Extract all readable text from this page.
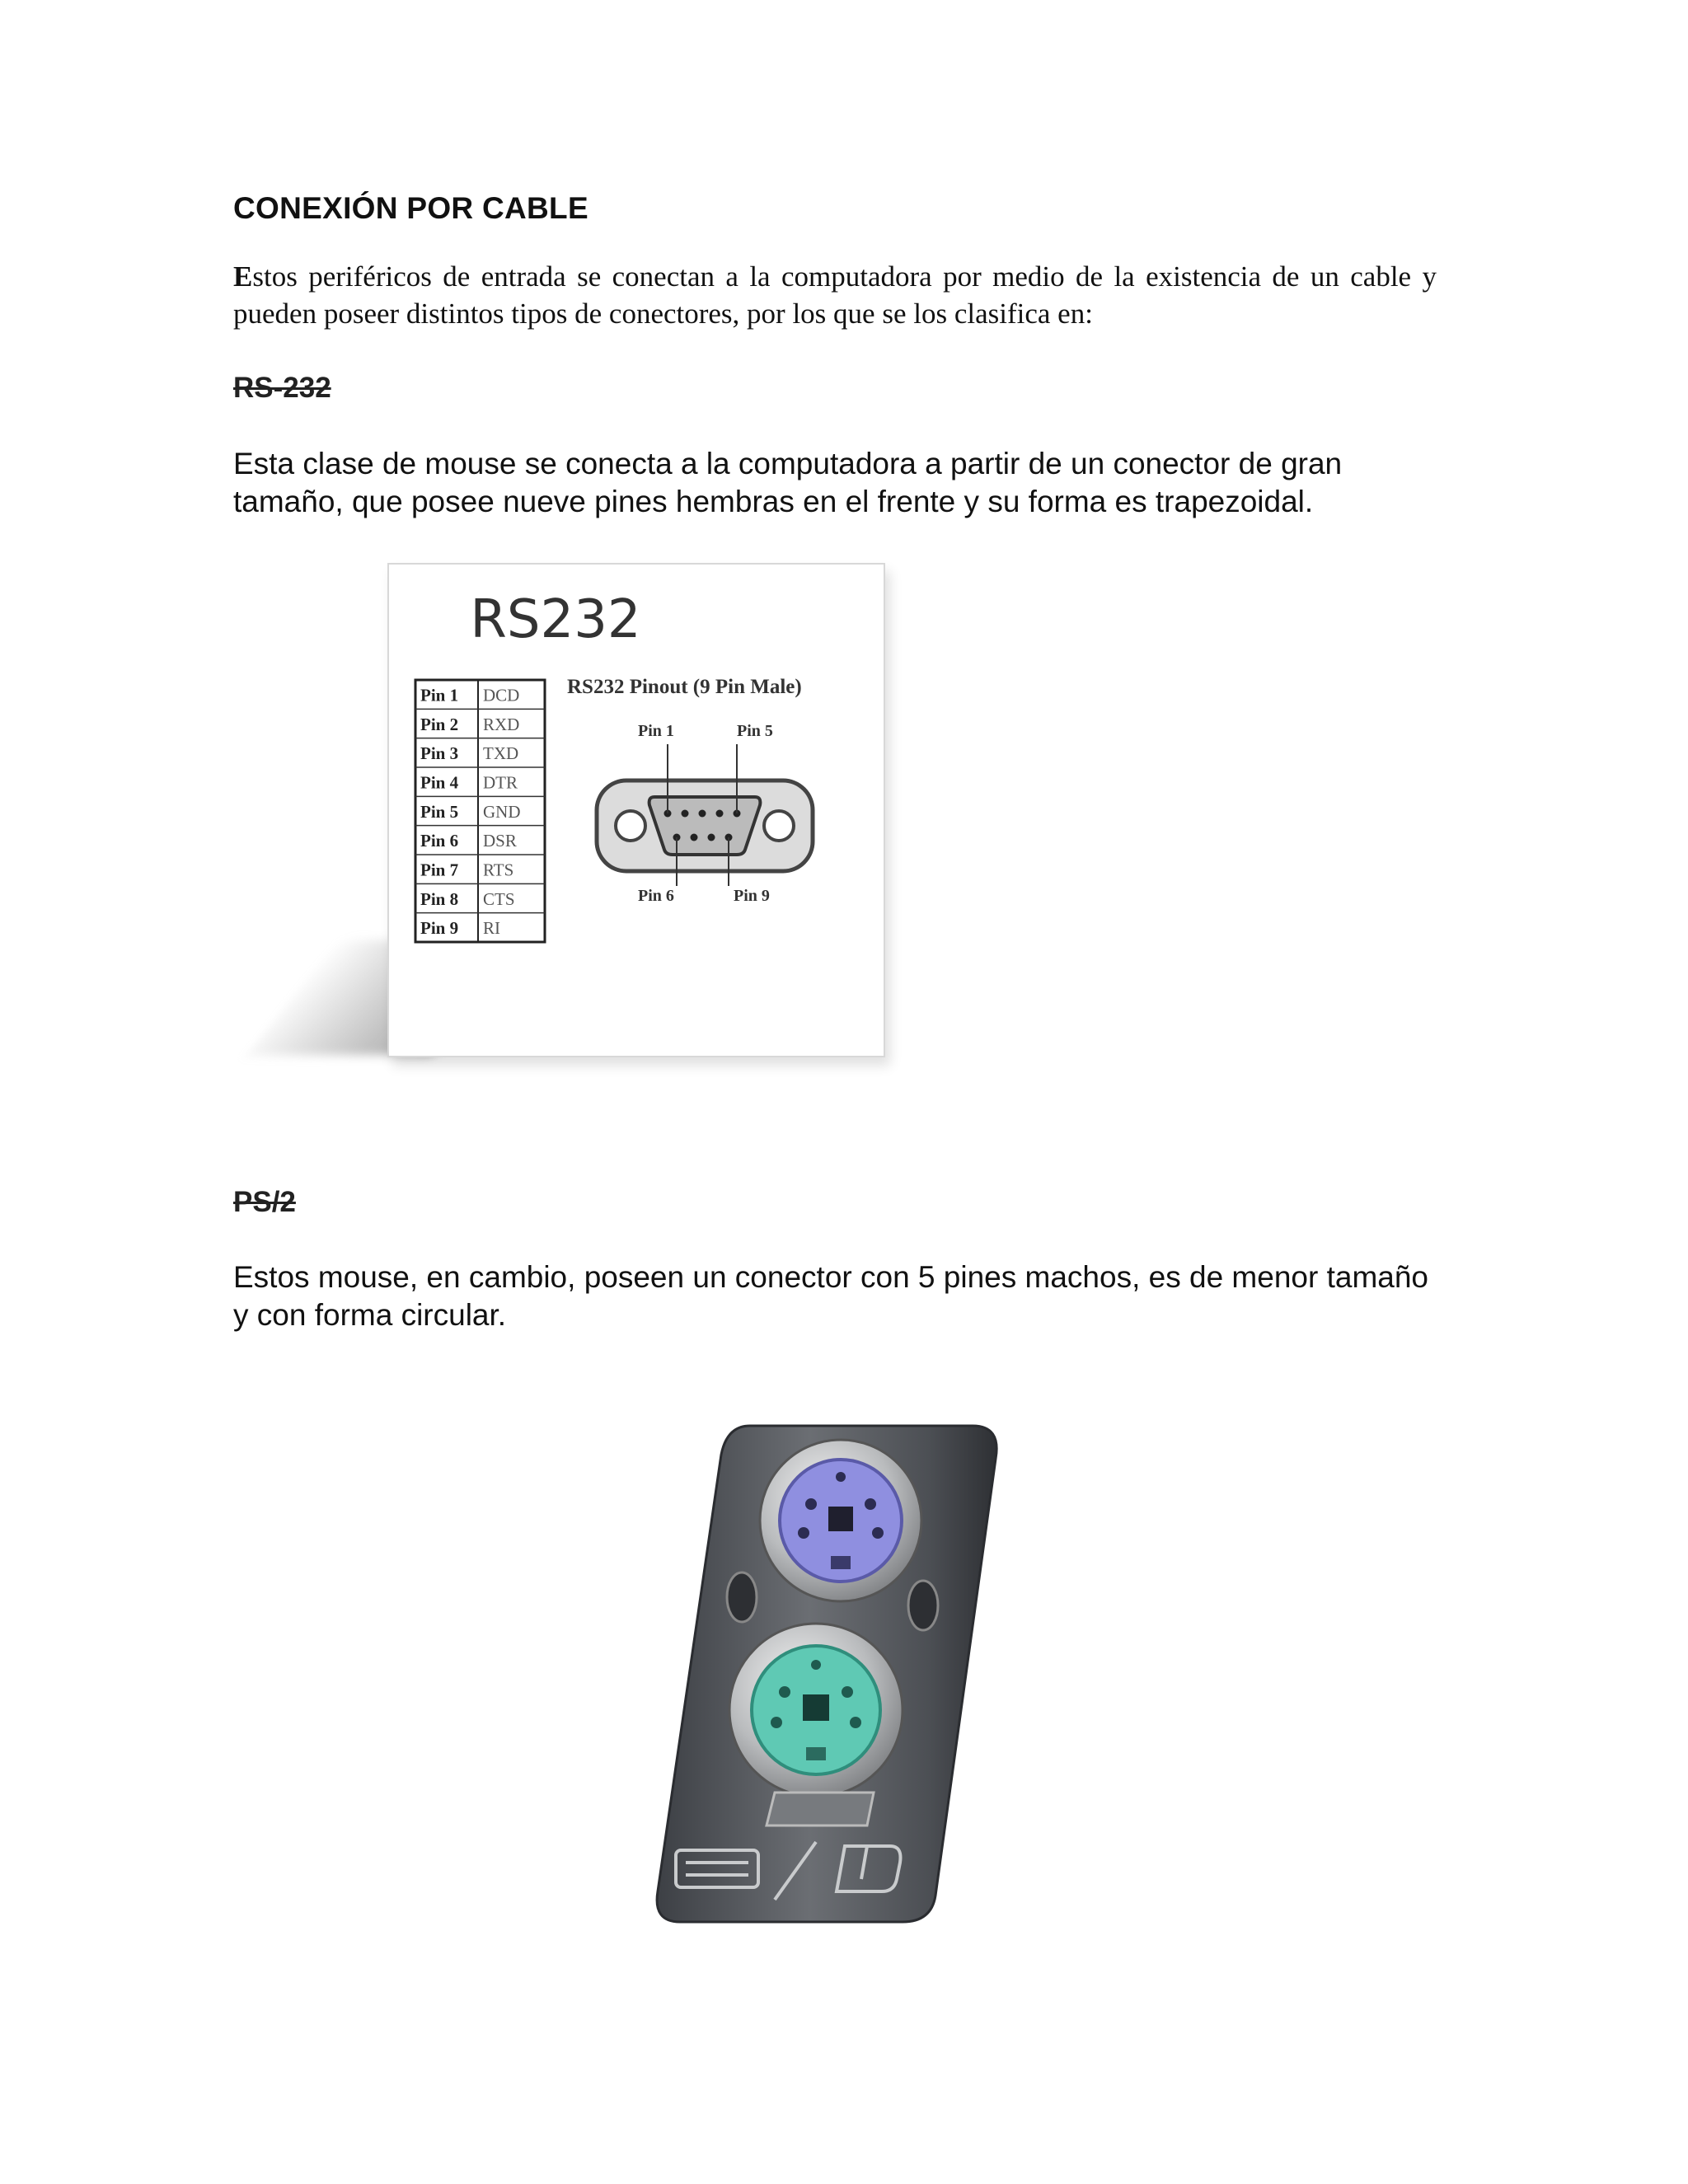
CONEXIÓN POR CABLE

Estos periféricos de entrada se conectan a la computadora por medio de la existencia de un cable y pueden poseer distintos tipos de conectores, por los que se los clasifica en:

RS-232

Esta clase de mouse se conecta a la computadora a partir de un conector de gran tamaño, que posee nueve pines hembras en el frente y su forma es trapezoidal.

RS232
RS232 Pinout (9 Pin Male)
Pin 1 DCD
Pin 2 RXD
Pin 3 TXD
Pin 4 DTR
Pin 5 GND
Pin 6 DSR
Pin 7 RTS
Pin 8 CTS
Pin 9 RI
Pin 1	Pin 5
Pin 6	Pin 9
PS/2

Estos mouse, en cambio, poseen un conector con 5 pines machos, es de menor tamaño y con forma circular.
